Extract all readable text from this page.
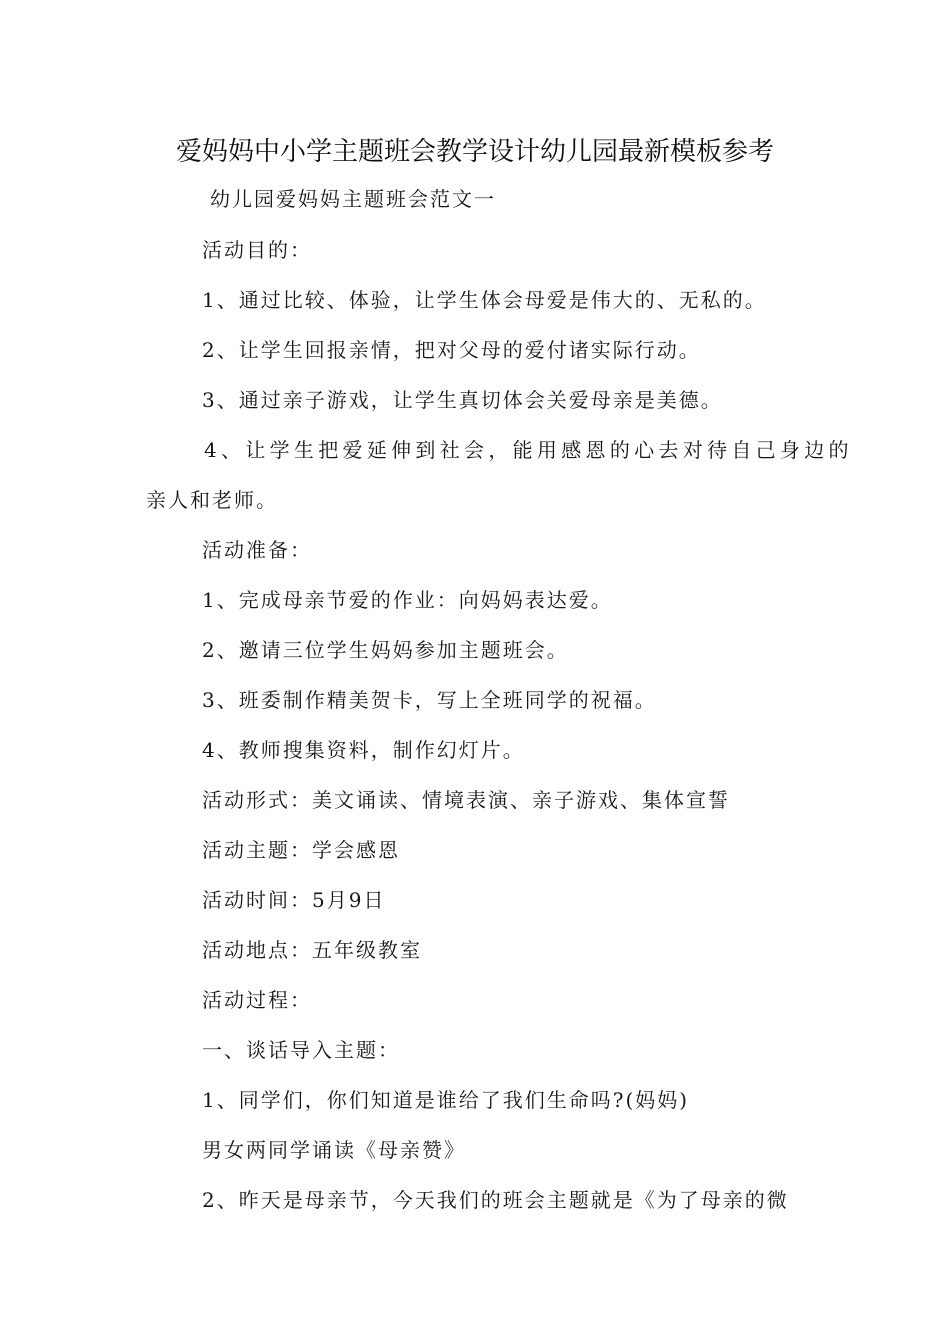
爱妈妈中小学主题班会教学设计幼儿园最新模板参考
幼儿园爱妈妈主题班会范文一
活动目的：
1、通过比较、体验，让学生体会母爱是伟大的、无私的。
2、让学生回报亲情，把对父母的爱付诸实际行动。
3、通过亲子游戏，让学生真切体会关爱母亲是美德。
4、让学生把爱延伸到社会，能用感恩的心去对待自己身边的
亲人和老师。
活动准备：
1、完成母亲节爱的作业：向妈妈表达爱。
2、邀请三位学生妈妈参加主题班会。
3、班委制作精美贺卡，写上全班同学的祝福。
4、教师搜集资料，制作幻灯片。
活动形式：美文诵读、情境表演、亲子游戏、集体宣誓
活动主题：学会感恩
活动时间：5月9日
活动地点：五年级教室
活动过程：
一、谈话导入主题：
1、同学们，你们知道是谁给了我们生命吗?(妈妈)
男女两同学诵读《母亲赞》
2、昨天是母亲节，今天我们的班会主题就是《为了母亲的微
